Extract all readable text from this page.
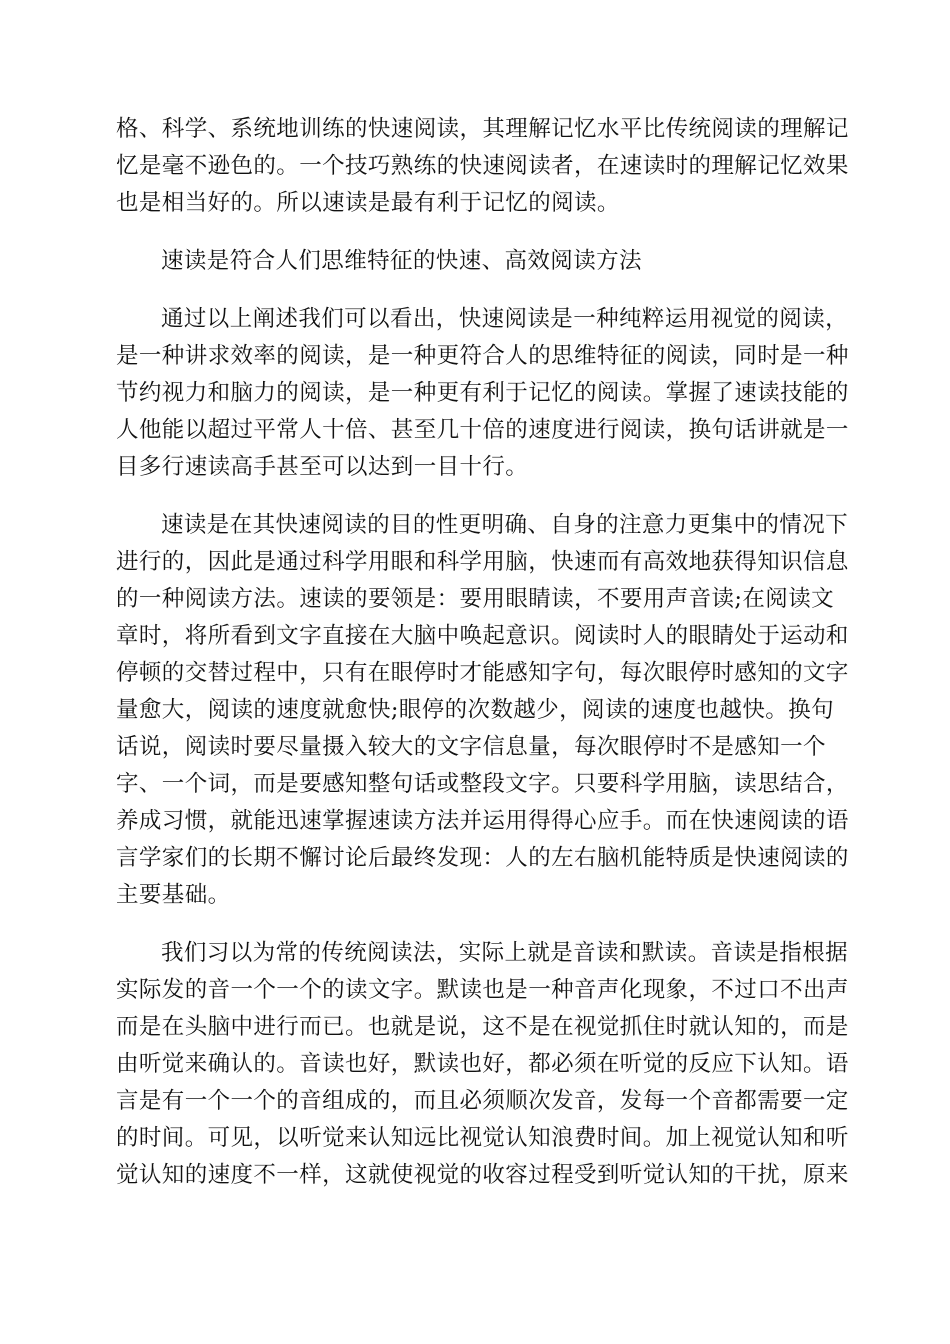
格、科学、系统地训练的快速阅读，其理解记忆水平比传统阅读的理解记
忆是毫不逊色的。一个技巧熟练的快速阅读者，在速读时的理解记忆效果
也是相当好的。所以速读是最有利于记忆的阅读。

速读是符合人们思维特征的快速、高效阅读方法

通过以上阐述我们可以看出，快速阅读是一种纯粹运用视觉的阅读，
是一种讲求效率的阅读，是一种更符合人的思维特征的阅读，同时是一种
节约视力和脑力的阅读，是一种更有利于记忆的阅读。掌握了速读技能的
人他能以超过平常人十倍、甚至几十倍的速度进行阅读，换句话讲就是一
目多行速读高手甚至可以达到一目十行。

速读是在其快速阅读的目的性更明确、自身的注意力更集中的情况下
进行的，因此是通过科学用眼和科学用脑，快速而有高效地获得知识信息
的一种阅读方法。速读的要领是：要用眼睛读，不要用声音读;在阅读文
章时，将所看到文字直接在大脑中唤起意识。阅读时人的眼睛处于运动和
停顿的交替过程中，只有在眼停时才能感知字句，每次眼停时感知的文字
量愈大，阅读的速度就愈快;眼停的次数越少，阅读的速度也越快。换句
话说，阅读时要尽量摄入较大的文字信息量，每次眼停时不是感知一个
字、一个词，而是要感知整句话或整段文字。只要科学用脑，读思结合，
养成习惯，就能迅速掌握速读方法并运用得得心应手。而在快速阅读的语
言学家们的长期不懈讨论后最终发现：人的左右脑机能特质是快速阅读的
主要基础。

我们习以为常的传统阅读法，实际上就是音读和默读。音读是指根据
实际发的音一个一个的读文字。默读也是一种音声化现象，不过口不出声
而是在头脑中进行而已。也就是说，这不是在视觉抓住时就认知的，而是
由听觉来确认的。音读也好，默读也好，都必须在听觉的反应下认知。语
言是有一个一个的音组成的，而且必须顺次发音，发每一个音都需要一定
的时间。可见，以听觉来认知远比视觉认知浪费时间。加上视觉认知和听
觉认知的速度不一样，这就使视觉的收容过程受到听觉认知的干扰，原来
